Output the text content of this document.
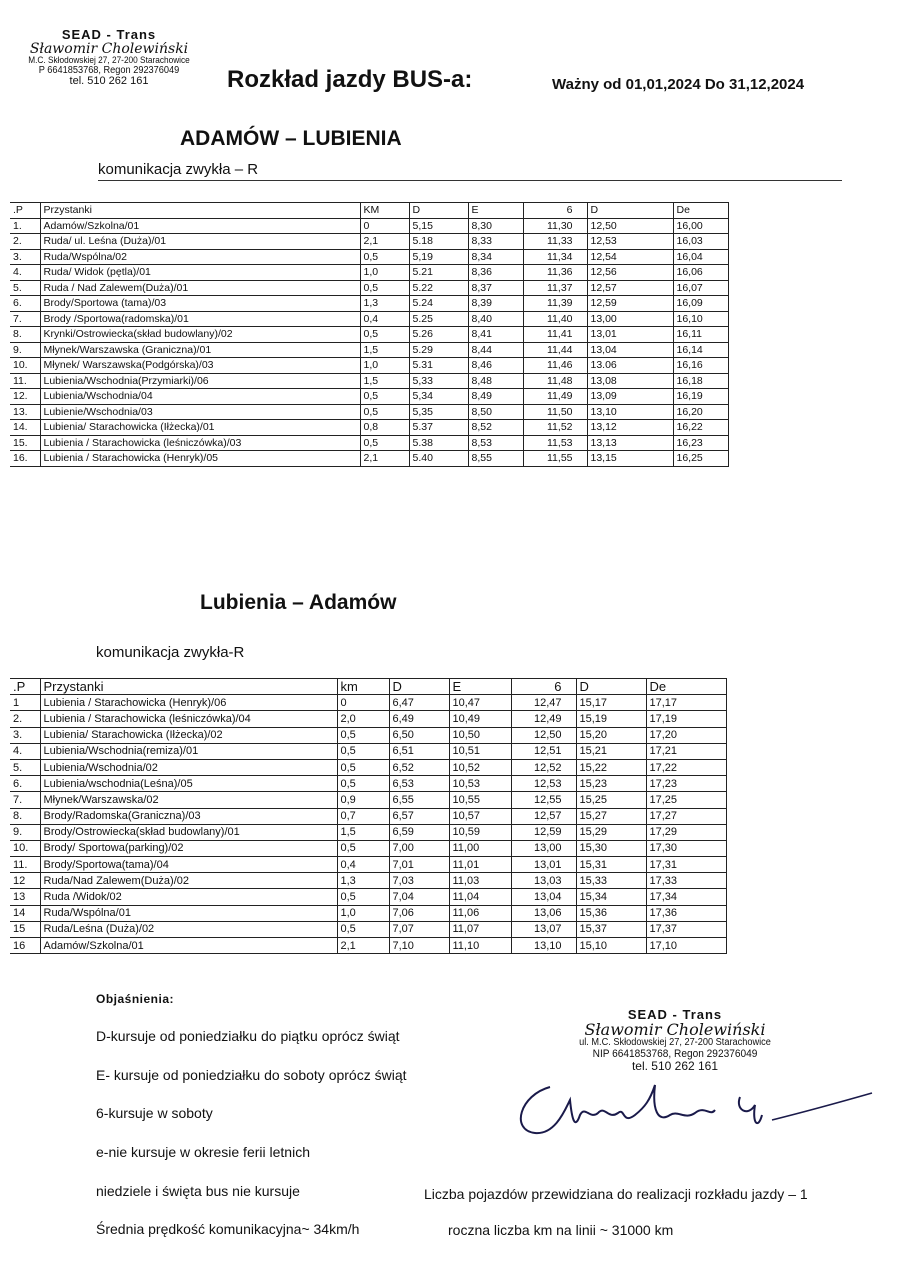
SEAD - Trans
Sławomir Cholewiński
M.C. Skłodowskiej 27, 27-200 Starachowice
P 6641853768, Regon 292376049
tel. 510 262 161	Rozkład jazdy BUS-a:	Ważny od 01,01,2024 Do 31,12,2024
ADAMÓW – LUBIENIA
komunikacja zwykła – R
.P	Przystanki	KM	D	E	6	D	De
1.	Adamów/Szkolna/01	0	5,15	8,30	11,30	12,50	16,00
2.	Ruda/ ul. Leśna (Duża)/01	2,1	5.18	8,33	11,33	12,53	16,03
3.	Ruda/Wspólna/02	0,5	5,19	8,34	11,34	12,54	16,04
4.	Ruda/ Widok (pętla)/01	1,0	5.21	8,36	11,36	12,56	16,06
5.	Ruda / Nad Zalewem(Duża)/01	0,5	5.22	8,37	11,37	12,57	16,07
6.	Brody/Sportowa (tama)/03	1,3	5.24	8,39	11,39	12,59	16,09
7.	Brody /Sportowa(radomska)/01	0,4	5.25	8,40	11,40	13,00	16,10
8.	Krynki/Ostrowiecka(skład budowlany)/02	0,5	5.26	8,41	11,41	13,01	16,11
9.	Młynek/Warszawska (Graniczna)/01	1,5	5.29	8,44	11,44	13,04	16,14
10.	Młynek/ Warszawska(Podgórska)/03	1,0	5.31	8,46	11,46	13.06	16,16
11.	Lubienia/Wschodnia(Przymiarki)/06	1,5	5,33	8,48	11,48	13,08	16,18
12.	Lubienia/Wschodnia/04	0,5	5,34	8,49	11,49	13,09	16,19
13.	Lubienie/Wschodnia/03	0,5	5,35	8,50	11,50	13,10	16,20
14.	Lubienia/ Starachowicka (Iłżecka)/01	0,8	5.37	8,52	11,52	13,12	16,22
15.	Lubienia / Starachowicka (leśniczówka)/03	0,5	5.38	8,53	11,53	13,13	16,23
16.	Lubienia / Starachowicka (Henryk)/05	2,1	5.40	8,55	11,55	13,15	16,25
Lubienia – Adamów
komunikacja zwykła-R
.P	Przystanki	km	D	E	6	D	De
1	Lubienia / Starachowicka (Henryk)/06	0	6,47	10,47	12,47	15,17	17,17
2.	Lubienia / Starachowicka (leśniczówka)/04	2,0	6,49	10,49	12,49	15,19	17,19
3.	Lubienia/ Starachowicka (Iłżecka)/02	0,5	6,50	10,50	12,50	15,20	17,20
4.	Lubienia/Wschodnia(remiza)/01	0,5	6,51	10,51	12,51	15,21	17,21
5.	Lubienia/Wschodnia/02	0,5	6,52	10,52	12,52	15,22	17,22
6.	Lubienia/wschodnia(Leśna)/05	0,5	6,53	10,53	12,53	15,23	17,23
7.	Młynek/Warszawska/02	0,9	6,55	10,55	12,55	15,25	17,25
8.	Brody/Radomska(Graniczna)/03	0,7	6,57	10,57	12,57	15,27	17,27
9.	Brody/Ostrowiecka(skład budowlany)/01	1,5	6,59	10,59	12,59	15,29	17,29
10.	Brody/ Sportowa(parking)/02	0,5	7,00	11,00	13,00	15,30	17,30
11.	Brody/Sportowa(tama)/04	0,4	7,01	11,01	13,01	15,31	17,31
12	Ruda/Nad Zalewem(Duża)/02	1,3	7,03	11,03	13,03	15,33	17,33
13	Ruda /Widok/02	0,5	7,04	11,04	13,04	15,34	17,34
14	Ruda/Wspólna/01	1,0	7,06	11,06	13,06	15,36	17,36
15	Ruda/Leśna (Duża)/02	0,5	7,07	11,07	13,07	15,37	17,37
16	Adamów/Szkolna/01	2,1	7,10	11,10	13,10	15,10	17,10
Objaśnienia:
D-kursuje od poniedziałku do piątku oprócz świąt
E- kursuje od poniedziałku do soboty oprócz świąt
6-kursuje w soboty
e-nie kursuje w okresie ferii letnich
niedziele i święta bus nie kursuje
Średnia prędkość komunikacyjna~ 34km/h
SEAD - Trans
Sławomir Cholewiński
ul. M.C. Skłodowskiej 27, 27-200 Starachowice
NIP 6641853768, Regon 292376049
tel. 510 262 161
Liczba pojazdów przewidziana do realizacji rozkładu jazdy – 1
roczna liczba km na linii ~ 31000 km
